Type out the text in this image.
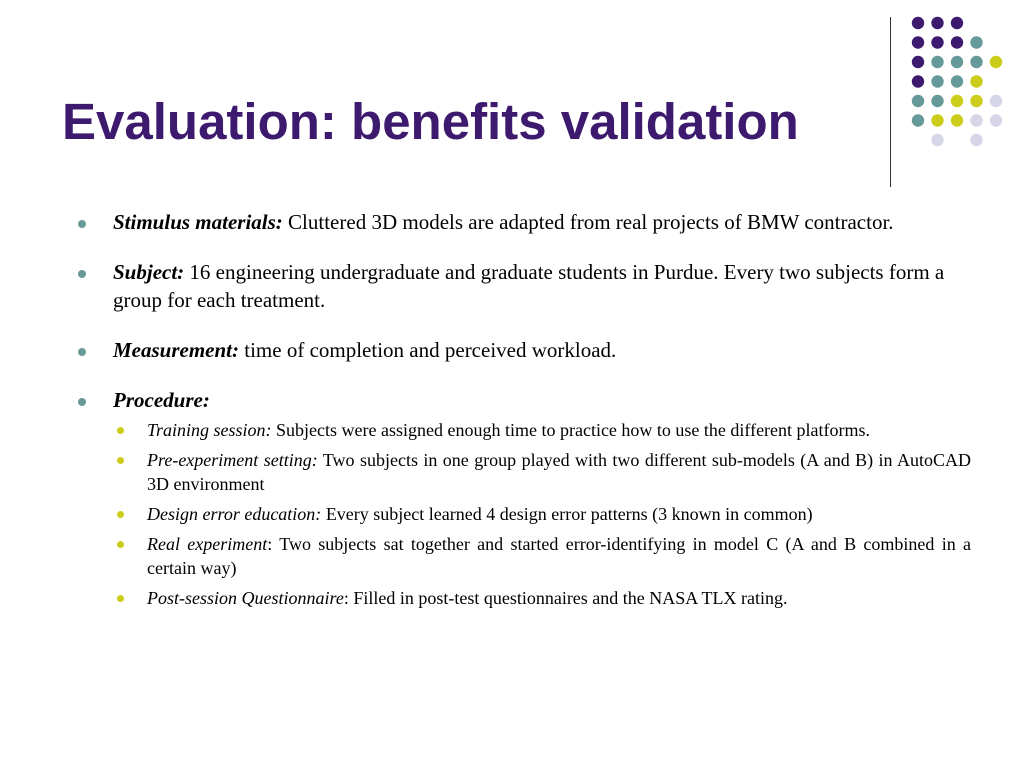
Evaluation: benefits validation
Stimulus materials: Cluttered 3D models are adapted from real projects of BMW contractor.
Subject: 16 engineering undergraduate and graduate students in Purdue. Every two subjects form a group for each treatment.
Measurement: time of completion and perceived workload.
Procedure:
Training session: Subjects were assigned enough time to practice how to use the different platforms.
Pre-experiment setting: Two subjects in one group played with two different sub-models (A and B) in AutoCAD 3D environment
Design error education: Every subject learned 4 design error patterns (3 known in common)
Real experiment: Two subjects sat together and started error-identifying in model C (A and B combined in a certain way)
Post-session Questionnaire: Filled in post-test questionnaires and the NASA TLX rating.
